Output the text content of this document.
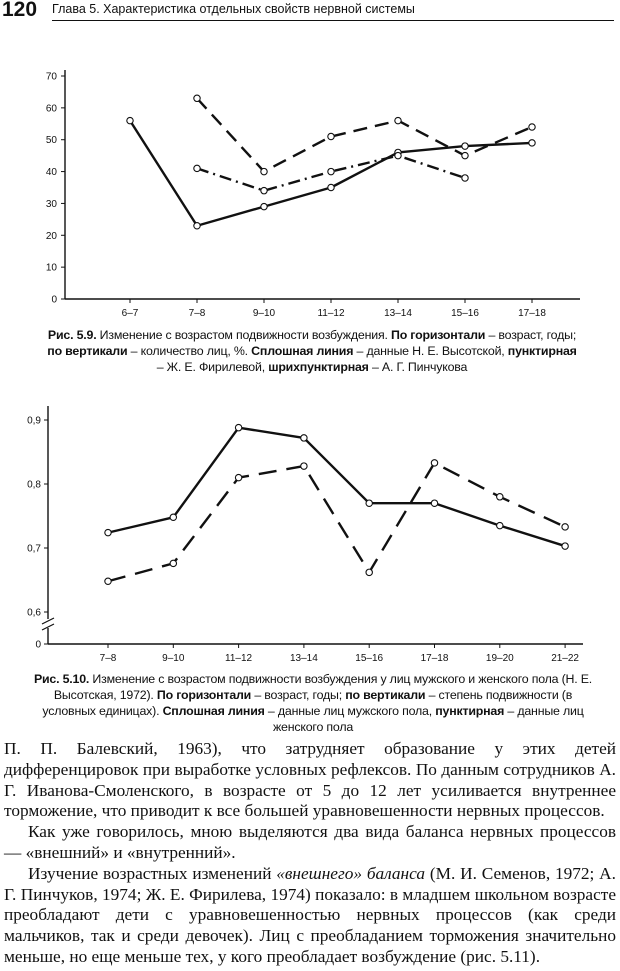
120 Глава 5. Характеристика отдельных свойств нервной системы
0
10
20
30
40
50
60
70
6–7	7–8	9–10	11–12	13–14	15–16	17–18
Рис. 5.9. Изменение с возрастом подвижности возбуждения. По горизонтали – возраст, годы; по вертикали – количество лиц, %. Сплошная линия – данные Н. Е. Высотской, пунктирная – Ж. Е. Фирилевой, шрихпунктирная – А. Г. Пинчукова
0
0,6
0,7
0,8
0,9
7–8	9–10	11–12	13–14	15–16	17–18	19–20	21–22
Рис. 5.10. Изменение с возрастом подвижности возбуждения у лиц мужского и женского пола (Н. Е. Высотская, 1972). По горизонтали – возраст, годы; по вертикали – степень подвижности (в условных единицах). Сплошная линия – данные лиц мужского пола, пунктирная – данные лиц женского пола

П. П. Балевский, 1963), что затрудняет образование у этих детей дифференцировок при выработке условных рефлексов. По данным сотрудников А. Г. Иванова-Смоленского, в возрасте от 5 до 12 лет усиливается внутреннее торможение, что приводит к все большей уравновешенности нервных процессов.

Как уже говорилось, мною выделяются два вида баланса нервных процессов — «внешний» и «внутренний».

Изучение возрастных изменений «внешнего» баланса (М. И. Семенов, 1972; А. Г. Пинчуков, 1974; Ж. Е. Фирилева, 1974) показало: в младшем школьном возрасте преобладают дети с уравновешенностью нервных процессов (как среди мальчиков, так и среди девочек). Лиц с преобладанием торможения значительно меньше, но еще меньше тех, у кого преобладает возбуждение (рис. 5.11).
